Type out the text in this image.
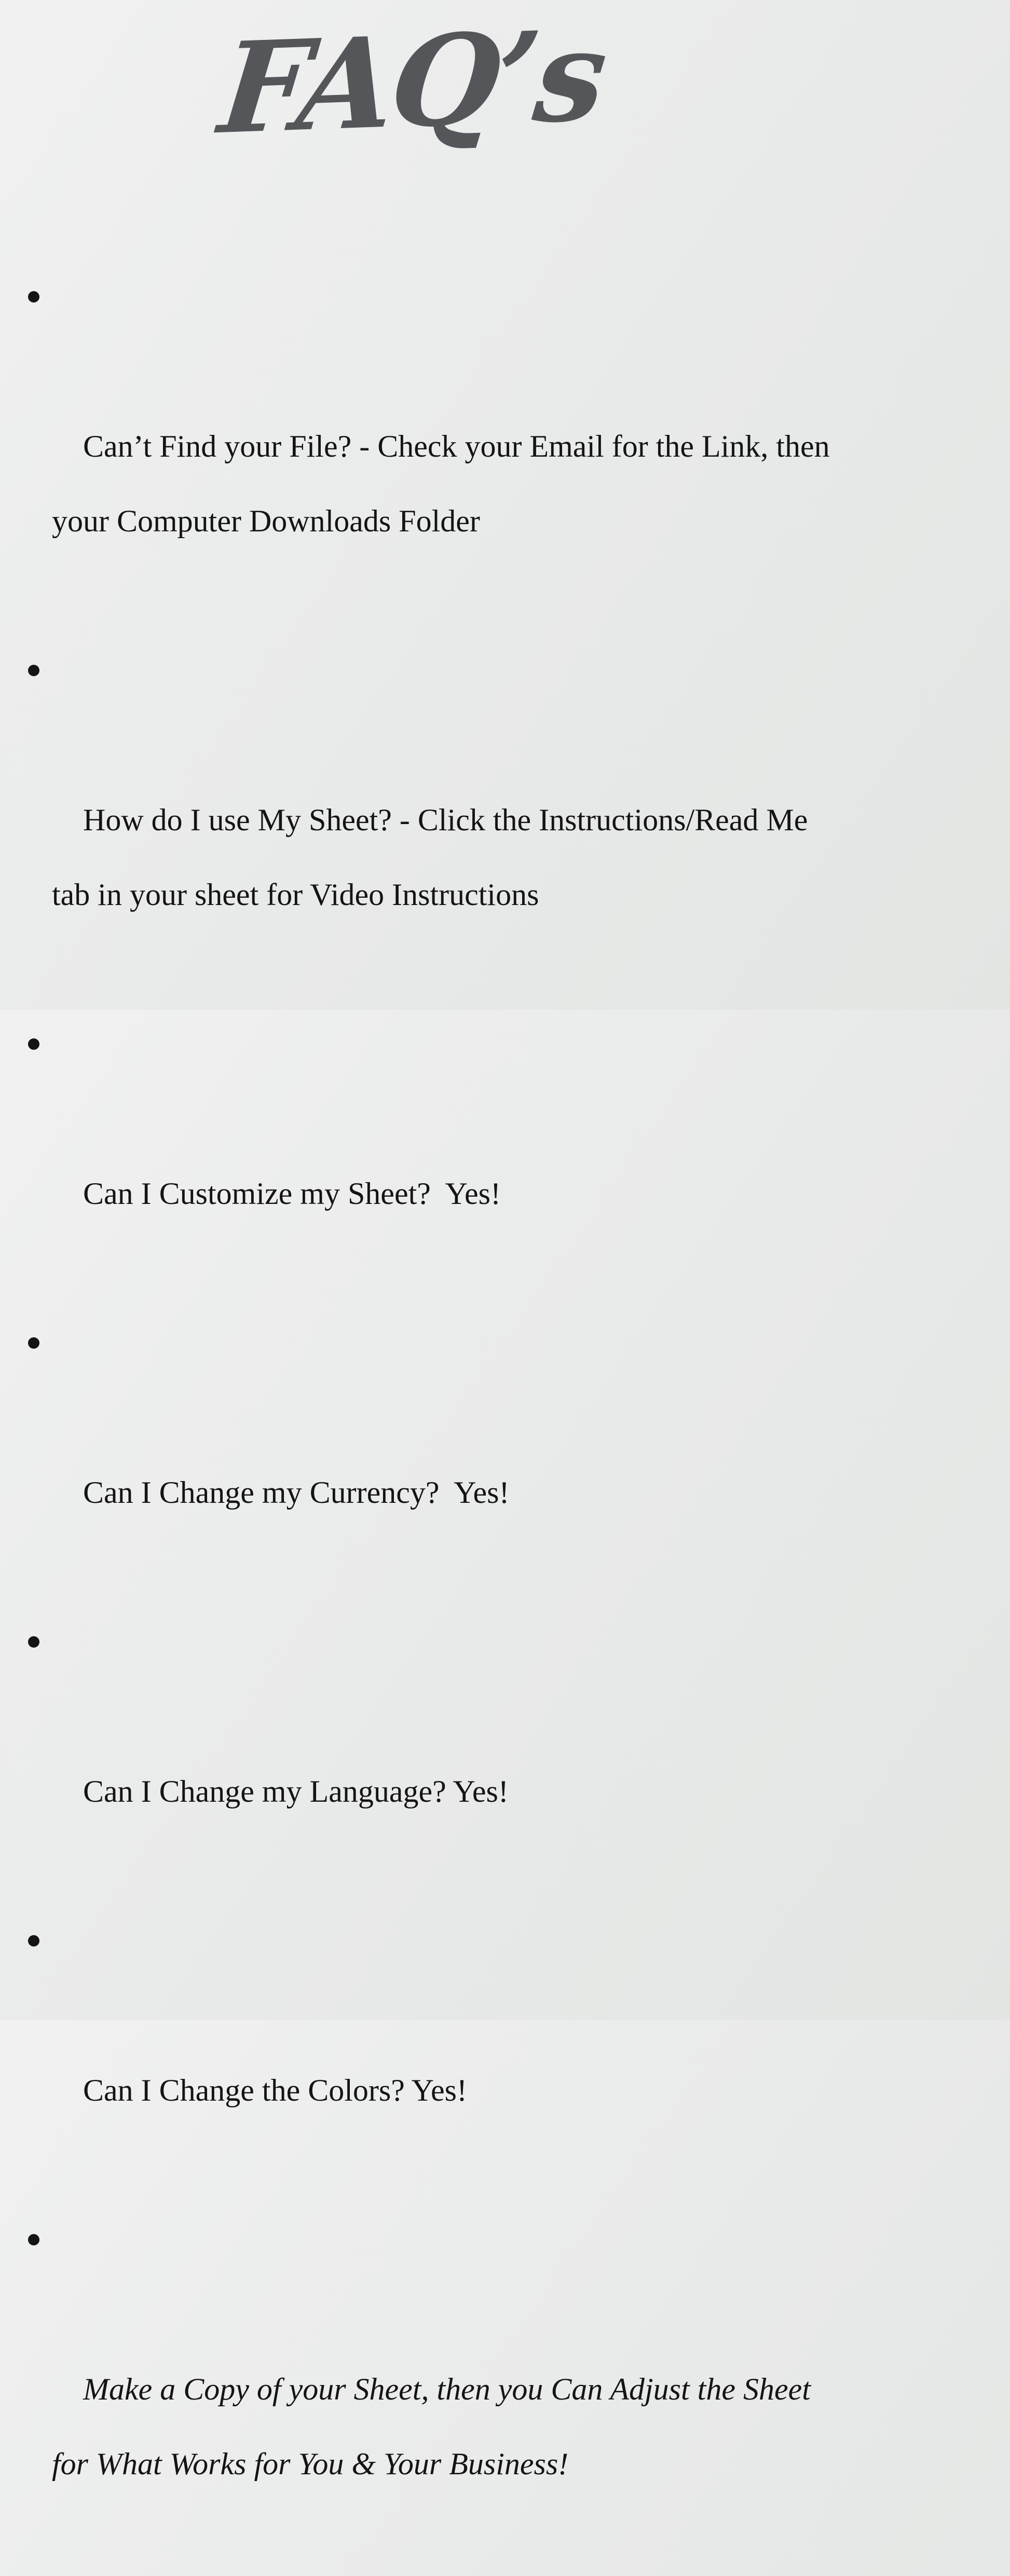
FAQ’s

Can’t Find your File? - Check your Email for the Link, then your Computer Downloads Folder

How do I use My Sheet? - Click the Instructions/Read Me tab in your sheet for Video Instructions

Can I Customize my Sheet?  Yes!

Can I Change my Currency?  Yes!

Can I Change my Language? Yes!

Can I Change the Colors? Yes!

Make a Copy of your Sheet, then you Can Adjust the Sheet for What Works for You & Your Business!
